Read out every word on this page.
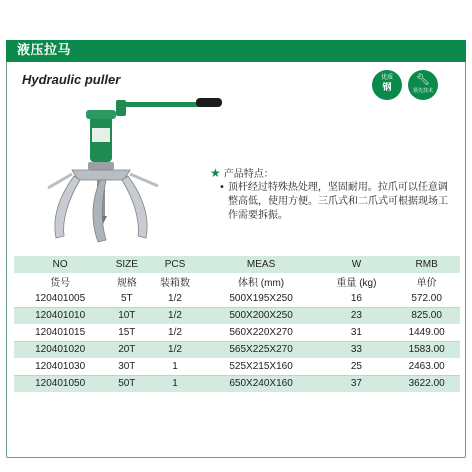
液压拉马
Hydraulic puller	优质
钢
🔧︎
领先技术
★ 产品特点：
• 顶杆经过特殊热处理，坚固耐用。拉爪可以任意调整高低，使用方便。三爪式和二爪式可根据现场工作需要拆振。
NO	SIZE	PCS	MEAS	W	RMB
货号	规格	装箱数	体积 (mm)	重量 (kg)	单价
120401005	5T	1/2	500X195X250	16	572.00
120401010	10T	1/2	500X200X250	23	825.00
120401015	15T	1/2	560X220X270	31	1449.00
120401020	20T	1/2	565X225X270	33	1583.00
120401030	30T	1	525X215X160	25	2463.00
120401050	50T	1	650X240X160	37	3622.00
